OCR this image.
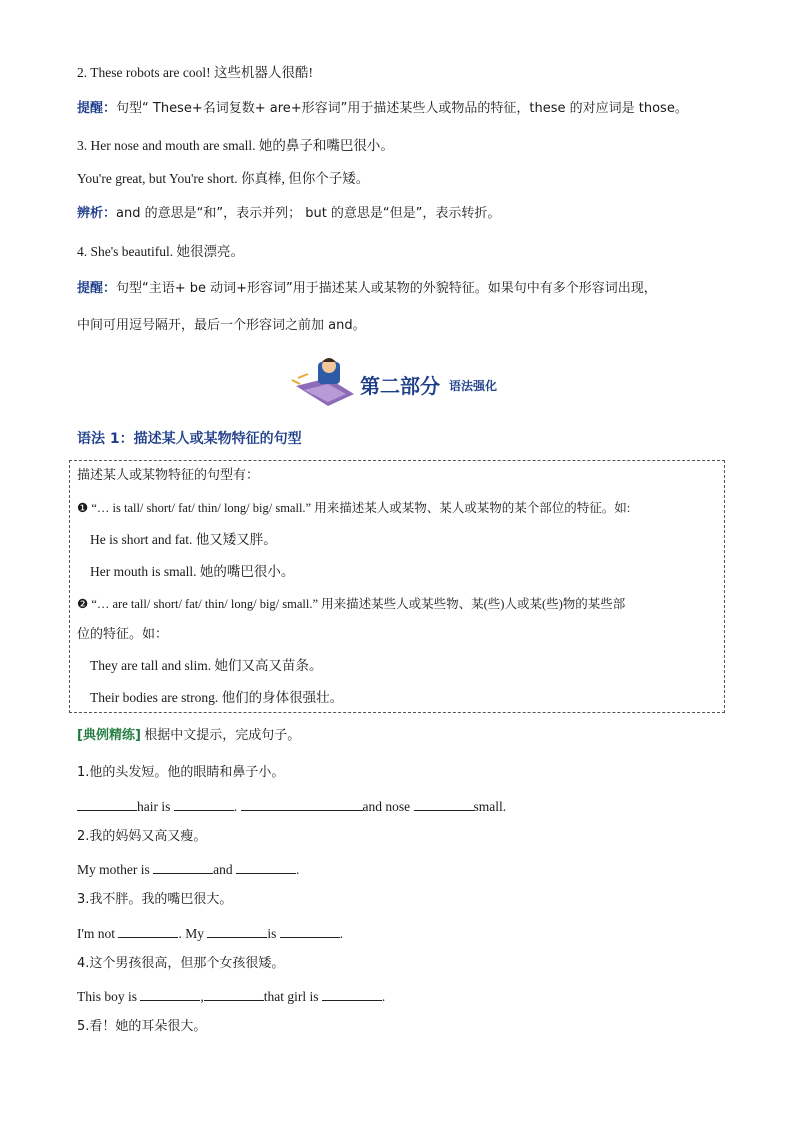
2. These robots are cool! 这些机器人很酷!
提醒：句型“ These+名词复数+ are+形容词”用于描述某些人或物品的特征，these 的对应词是 those。
3. Her nose and mouth are small. 她的鼻子和嘴巴很小。
You're great, but You're short. 你真棒, 但你个子矮。
辨析：and 的意思是“和”，表示并列； but 的意思是“但是”，表示转折。
4. She's beautiful. 她很漂亮。
提醒：句型“主语+ be 动词+形容词”用于描述某人或某物的外貌特征。如果句中有多个形容词出现，
中间可用逗号隔开，最后一个形容词之前加 and。
第二部分 语法强化
语法 1：描述某人或某物特征的句型
描述某人或某物特征的句型有：
❶ “… is tall/ short/ fat/ thin/ long/ big/ small.” 用来描述某人或某物、某人或某物的某个部位的特征。如:
He is short and fat. 他又矮又胖。
Her mouth is small. 她的嘴巴很小。
❷ “… are tall/ short/ fat/ thin/ long/ big/ small.” 用来描述某些人或某些物、某(些)人或某(些)物的某些部
位的特征。如：
They are tall and slim. 她们又高又苗条。
Their bodies are strong. 他们的身体很强壮。
[典例精练] 根据中文提示，完成句子。
1.他的头发短。他的眼睛和鼻子小。
hair is	.	and nose	small.
2.我的妈妈又高又瘦。
My mother is	and	.
3.我不胖。我的嘴巴很大。
I'm not	. My	is	.
4.这个男孩很高，但那个女孩很矮。
This boy is	,	that girl is	.
5.看！她的耳朵很大。
